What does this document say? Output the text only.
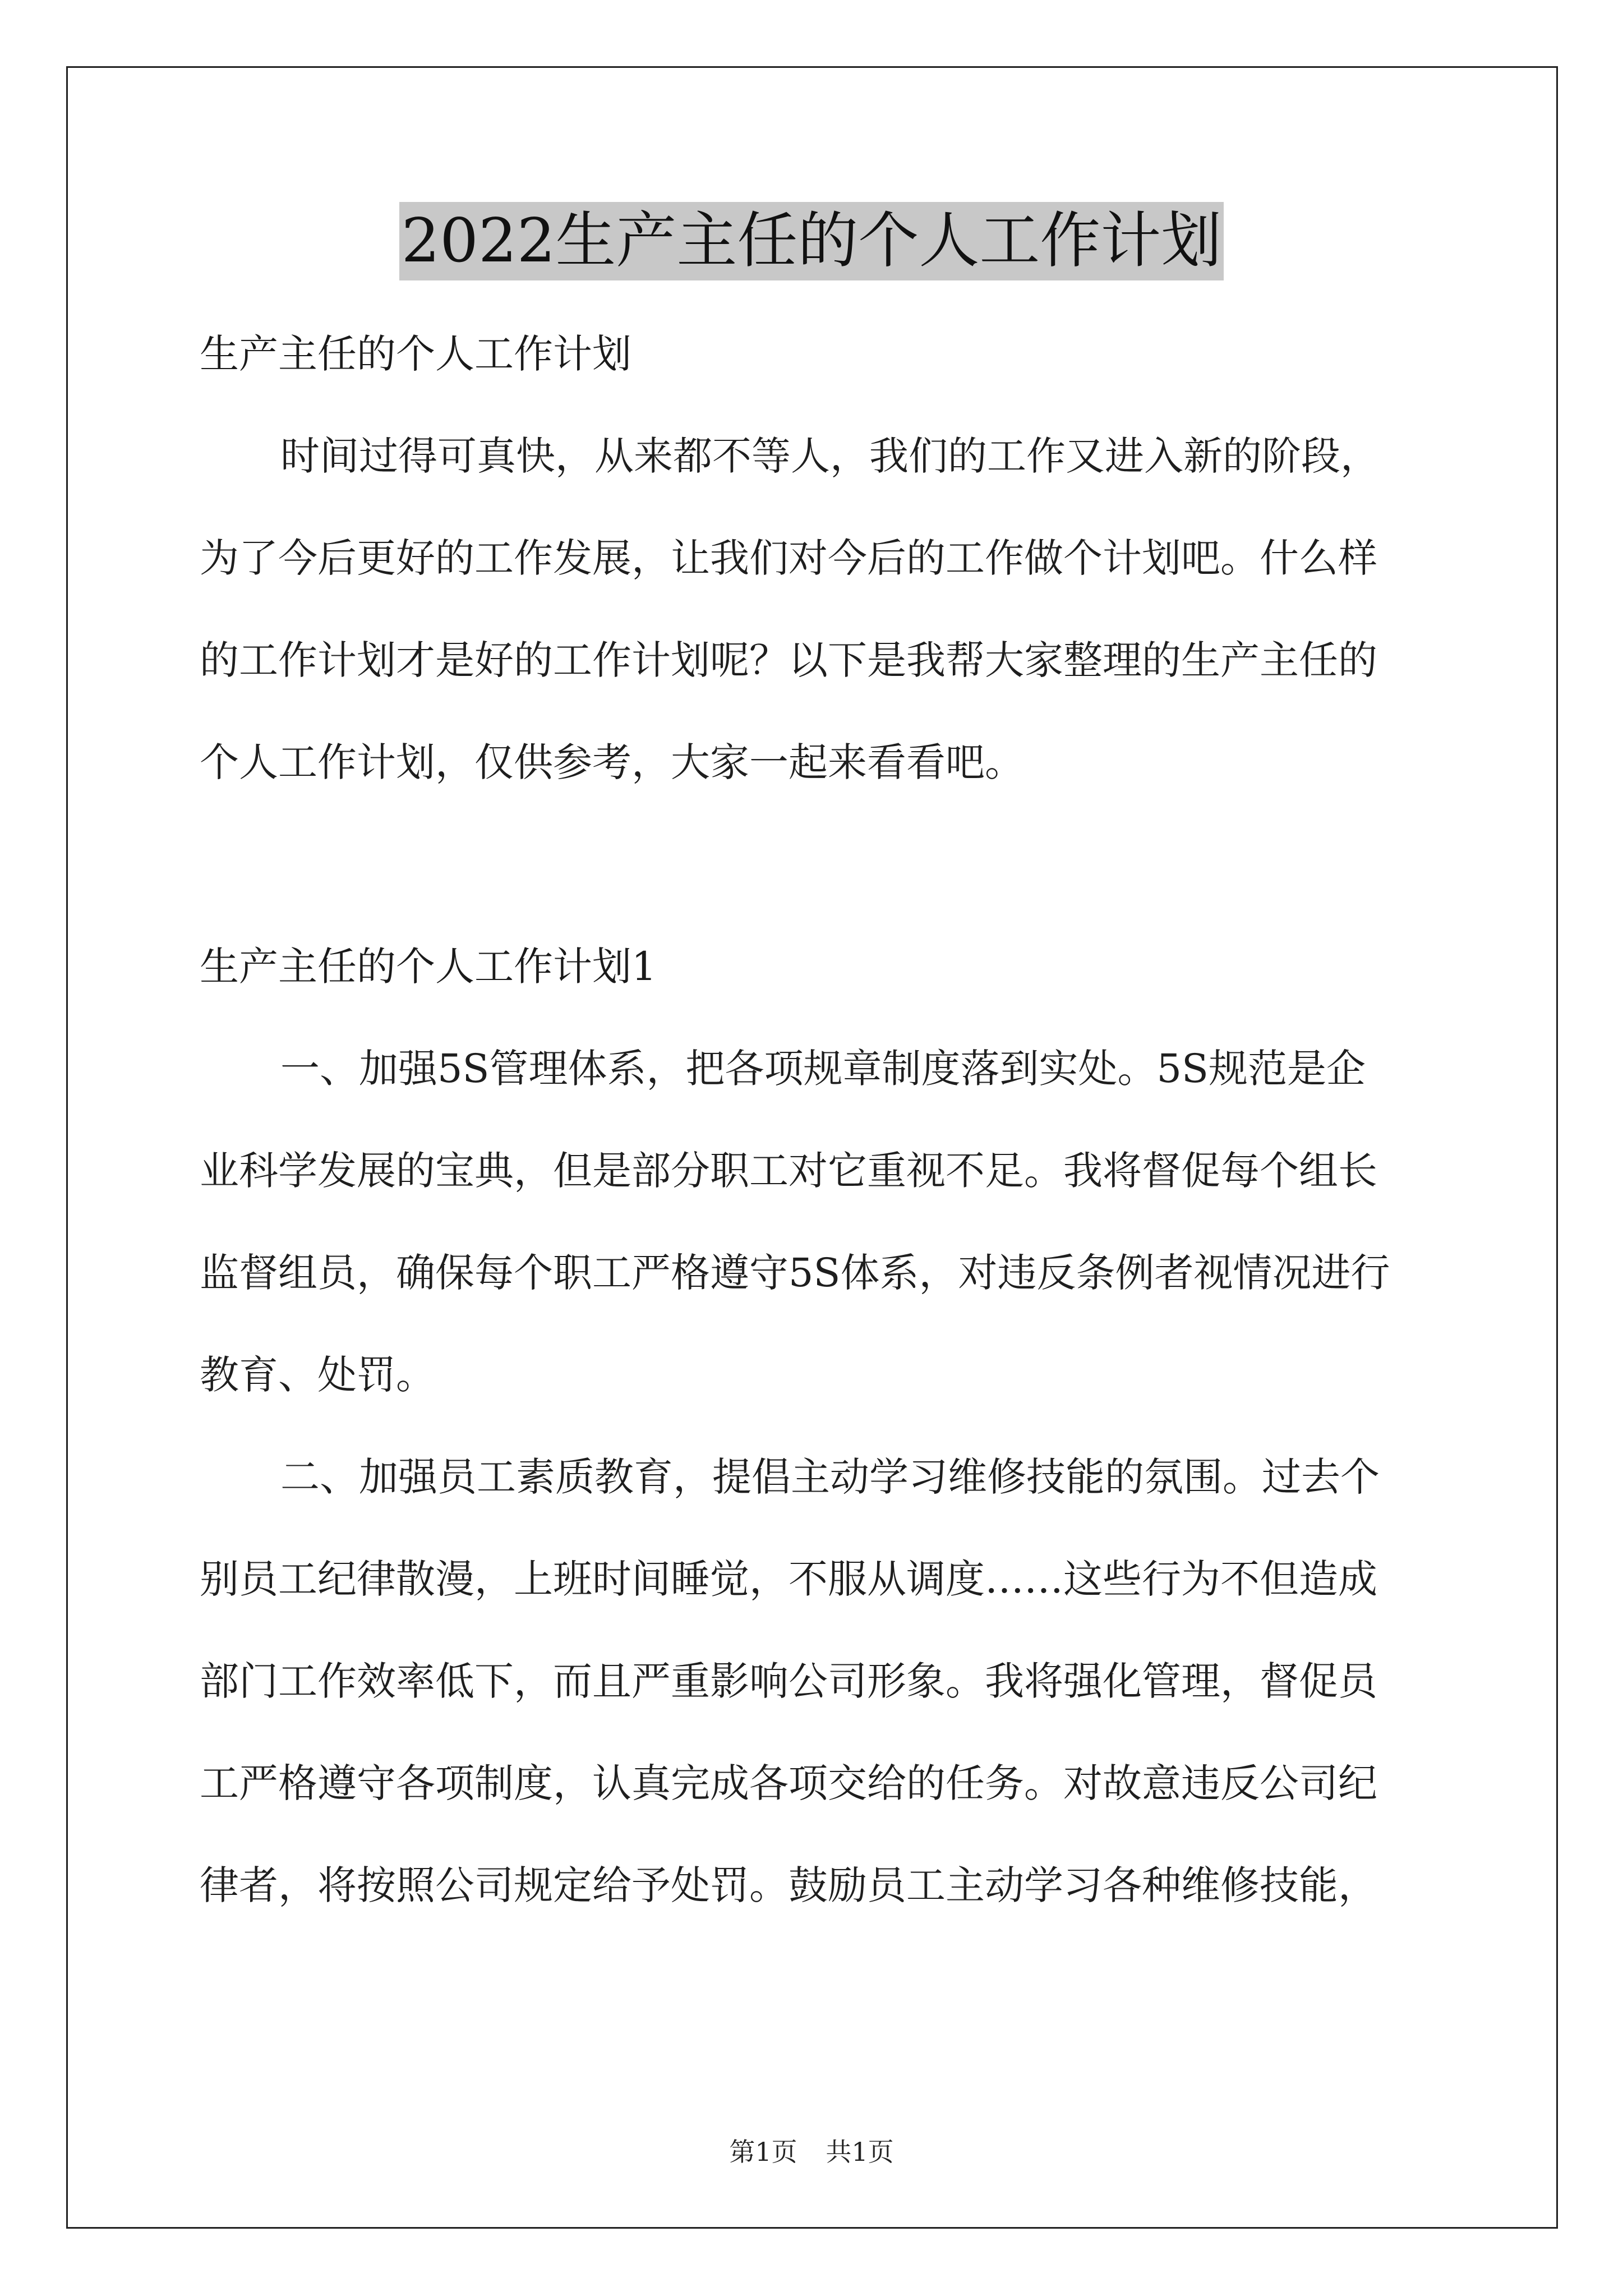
2022生产主任的个人工作计划
生产主任的个人工作计划
时间过得可真快，从来都不等人，我们的工作又进入新的阶段，
为了今后更好的工作发展，让我们对今后的工作做个计划吧。什么样
的工作计划才是好的工作计划呢？以下是我帮大家整理的生产主任的
个人工作计划，仅供参考，大家一起来看看吧。
生产主任的个人工作计划1
一、加强5S管理体系，把各项规章制度落到实处。5S规范是企
业科学发展的宝典，但是部分职工对它重视不足。我将督促每个组长
监督组员，确保每个职工严格遵守5S体系，对违反条例者视情况进行
教育、处罚。
二、加强员工素质教育，提倡主动学习维修技能的氛围。过去个
别员工纪律散漫，上班时间睡觉，不服从调度……这些行为不但造成
部门工作效率低下，而且严重影响公司形象。我将强化管理，督促员
工严格遵守各项制度，认真完成各项交给的任务。对故意违反公司纪
律者，将按照公司规定给予处罚。鼓励员工主动学习各种维修技能，
第1页 共1页
